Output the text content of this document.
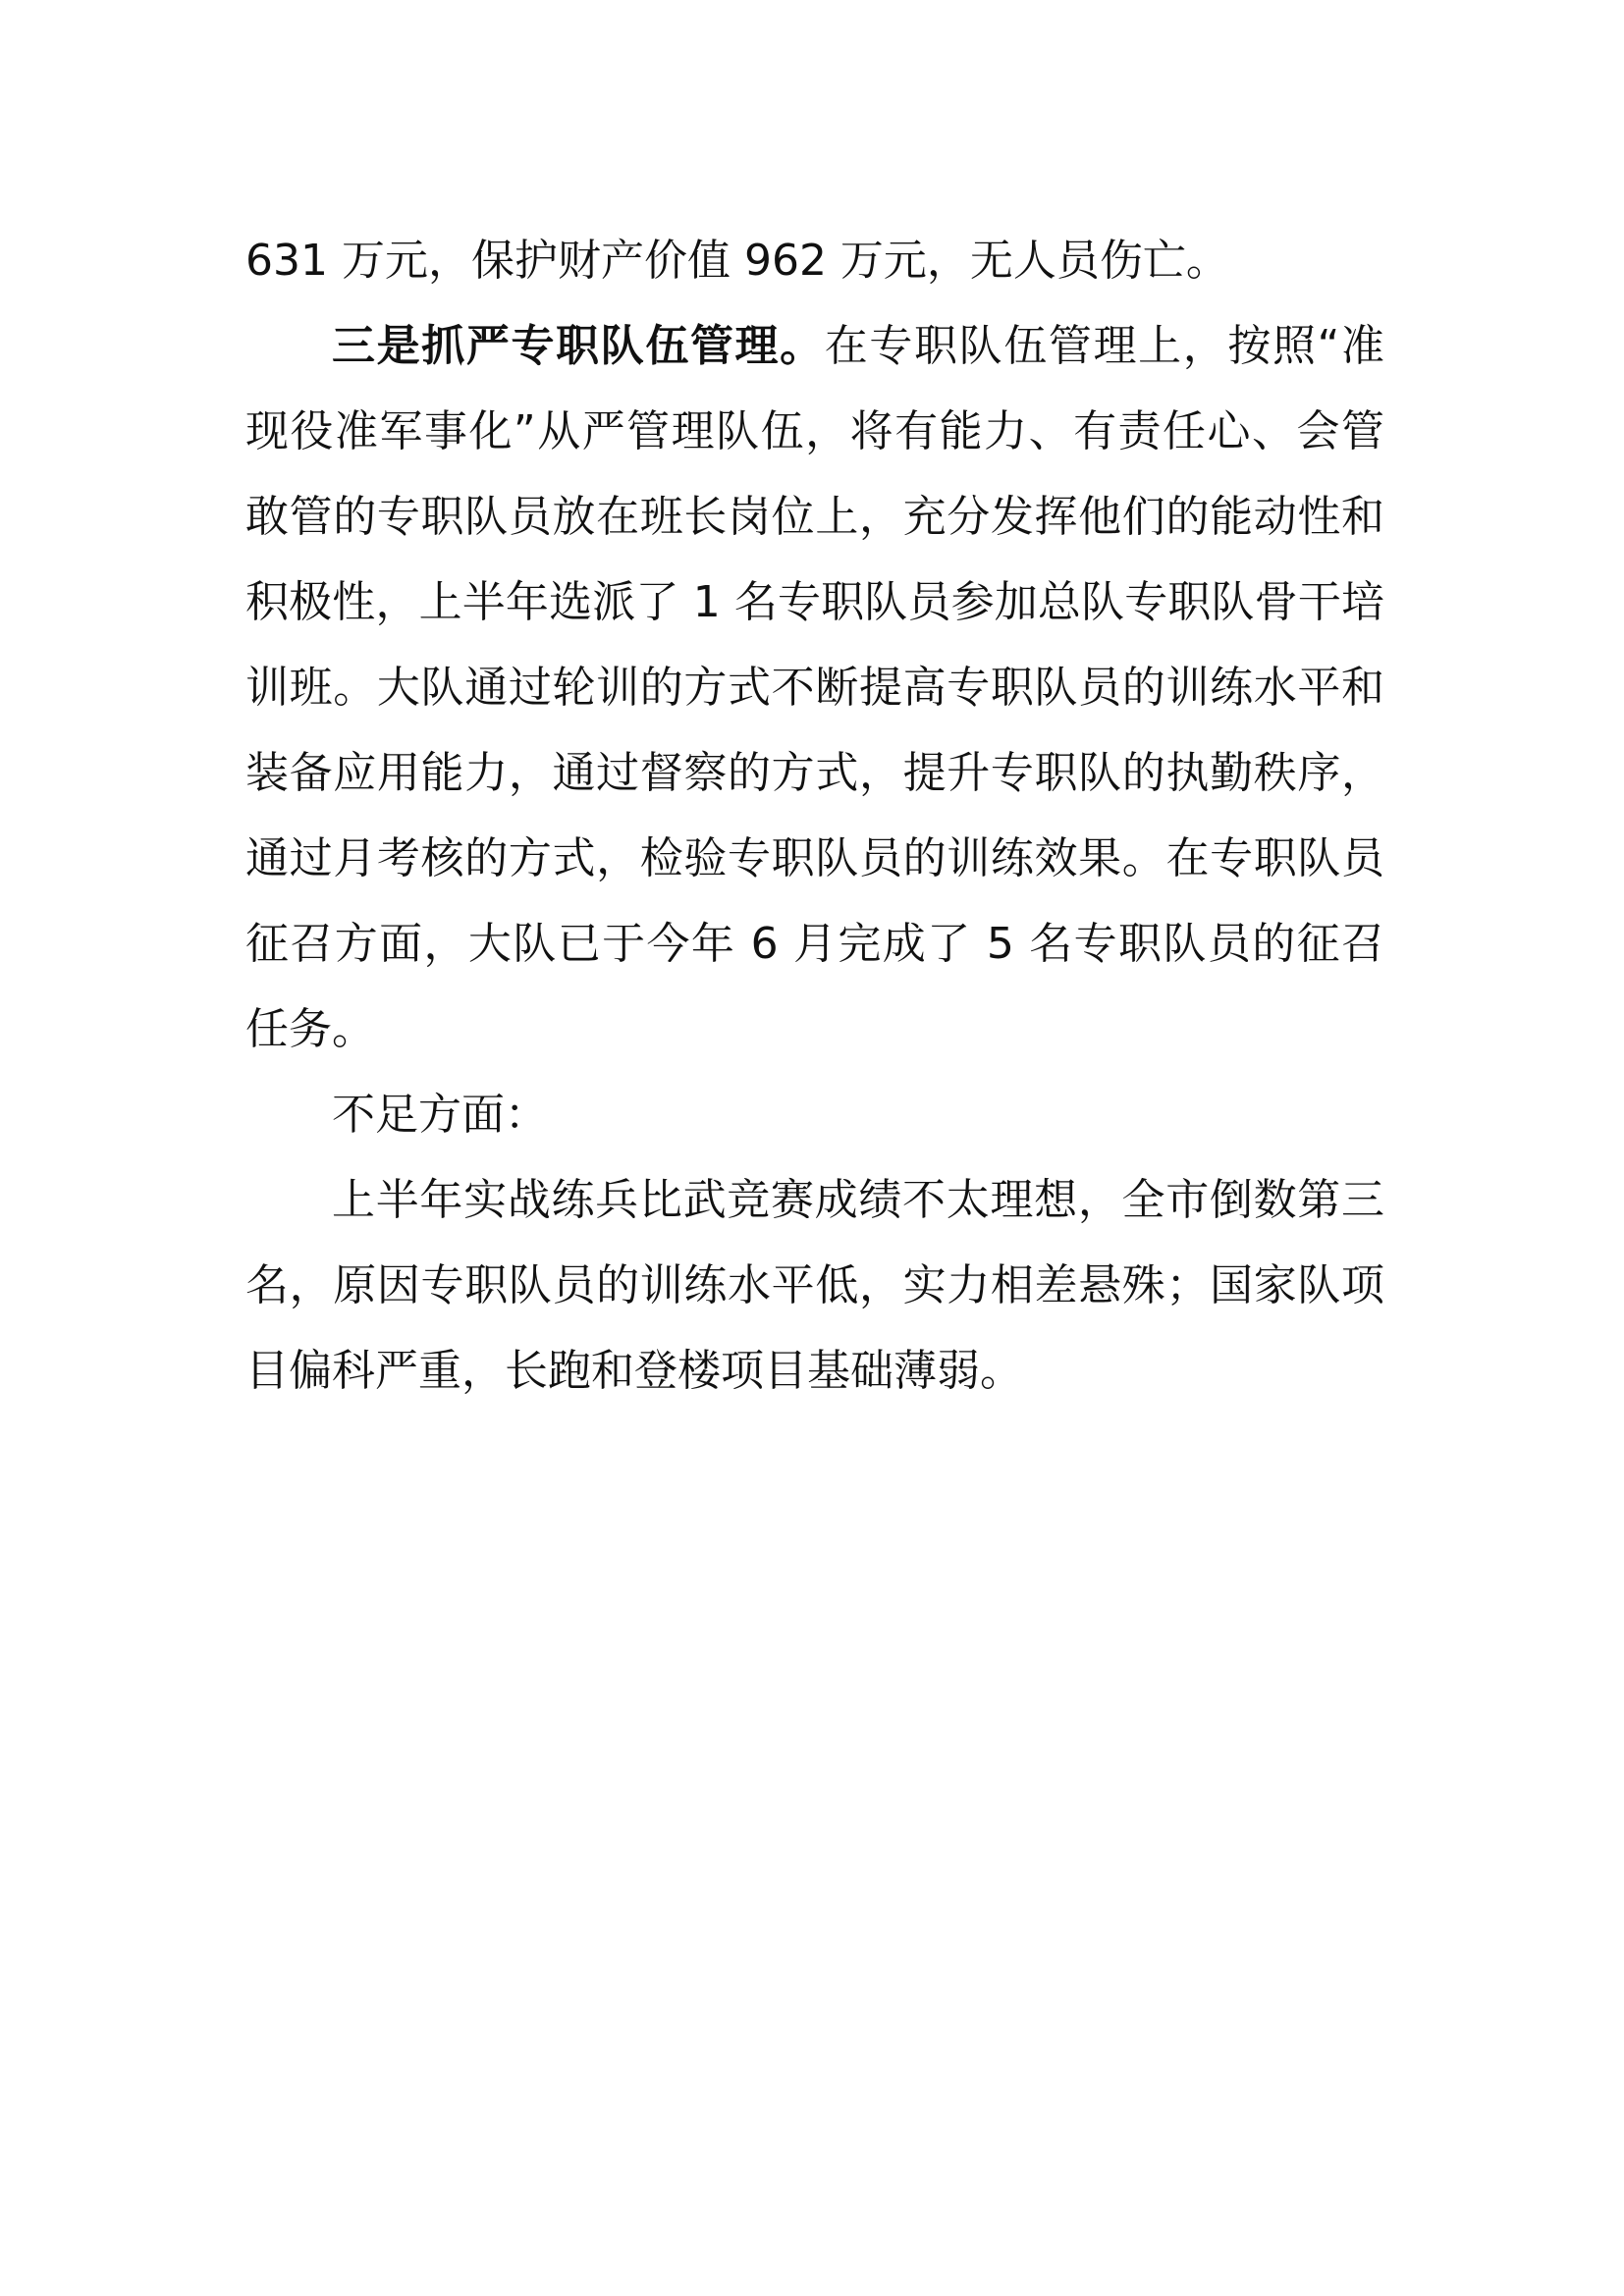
631 万元，保护财产价值 962 万元，无人员伤亡。

三是抓严专职队伍管理。在专职队伍管理上，按照“准现役准军事化”从严管理队伍，将有能力、有责任心、会管敢管的专职队员放在班长岗位上，充分发挥他们的能动性和积极性，上半年选派了 1 名专职队员参加总队专职队骨干培训班。大队通过轮训的方式不断提高专职队员的训练水平和装备应用能力，通过督察的方式，提升专职队的执勤秩序，通过月考核的方式，检验专职队员的训练效果。在专职队员征召方面，大队已于今年 6 月完成了 5 名专职队员的征召任务。

不足方面：

上半年实战练兵比武竞赛成绩不太理想，全市倒数第三名，原因专职队员的训练水平低，实力相差悬殊；国家队项目偏科严重，长跑和登楼项目基础薄弱。
